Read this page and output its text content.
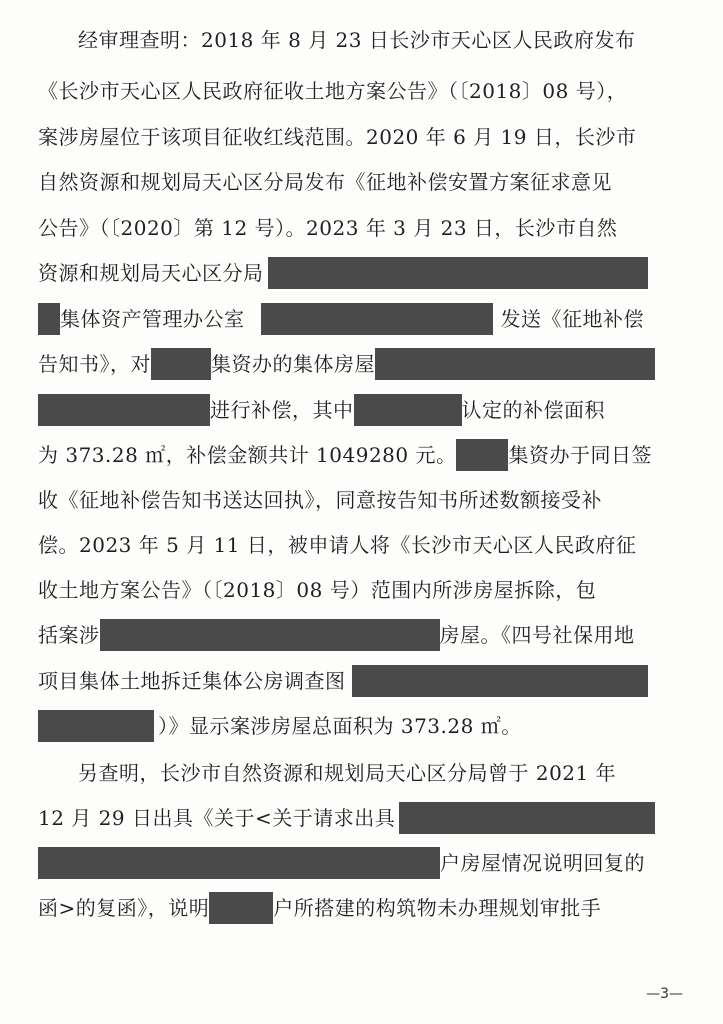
经审理查明：2018 年 8 月 23 日长沙市天心区人民政府发布
《长沙市天心区人民政府征收土地方案公告》（〔2018〕08 号），
案涉房屋位于该项目征收红线范围。2020 年 6 月 19 日，长沙市
自然资源和规划局天心区分局发布《征地补偿安置方案征求意见
公告》（〔2020〕第 12 号）。2023 年 3 月 23 日，长沙市自然
资源和规划局天心区分局
集体资产管理办公室	发送《征地补偿
告知书》，对	集资办的集体房屋
进行补偿，其中	认定的补偿面积
为 373.28 ㎡，补偿金额共计 1049280 元。	集资办于同日签
收《征地补偿告知书送达回执》，同意按告知书所述数额接受补
偿。2023 年 5 月 11 日，被申请人将《长沙市天心区人民政府征
收土地方案公告》（〔2018〕08 号）范围内所涉房屋拆除，包
括案涉	房屋。《四号社保用地
项目集体土地拆迁集体公房调查图
）》显示案涉房屋总面积为 373.28 ㎡。
另查明，长沙市自然资源和规划局天心区分局曾于 2021 年
12 月 29 日出具《关于<关于请求出具
户房屋情况说明回复的
函>的复函》，说明	户所搭建的构筑物未办理规划审批手
—3—
